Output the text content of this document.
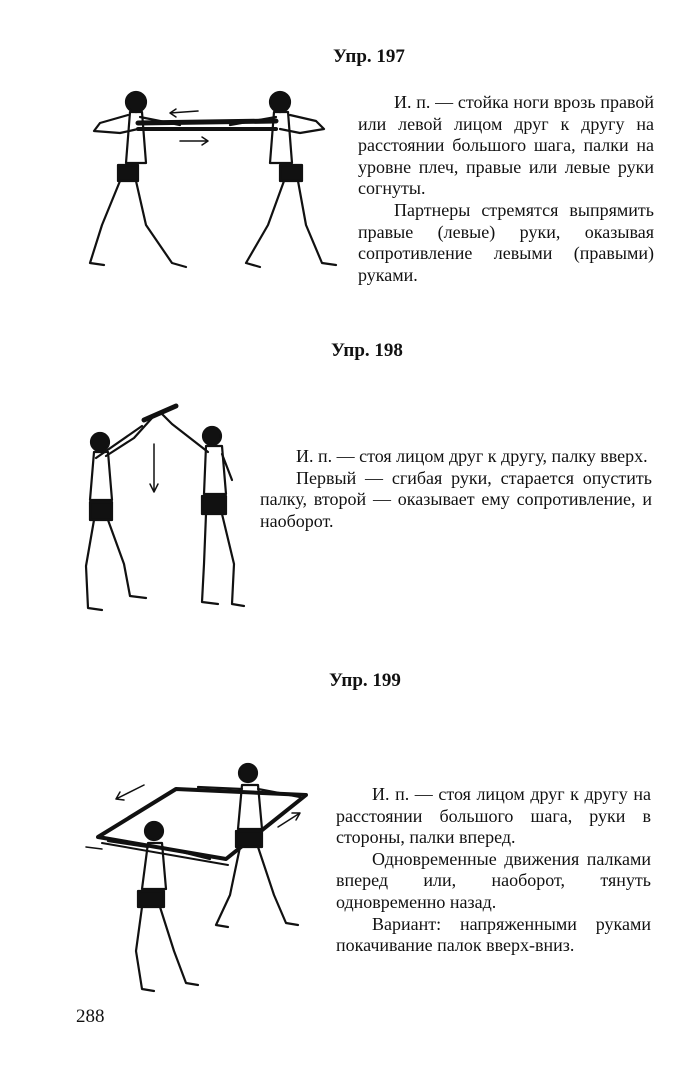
Упр. 197

И. п. — стойка ноги врозь правой или левой лицом друг к другу на расстоянии большого шага, палки на уровне плеч, правые или левые руки согнуты.

Партнеры стремятся выпрямить правые (левые) руки, оказывая сопротивление левыми (правыми) руками.

Упр. 198

И. п. — стоя лицом друг к другу, палку вверх.

Первый — сгибая руки, старается опустить палку, второй — оказывает ему сопротивление, и наоборот.

Упр. 199

И. п. — стоя лицом друг к другу на расстоянии большого шага, руки в стороны, палки вперед.

Одновременные движения палками вперед или, наоборот, тянуть одновременно назад.

Вариант: напряженными руками покачивание палок вверх-вниз.

288
